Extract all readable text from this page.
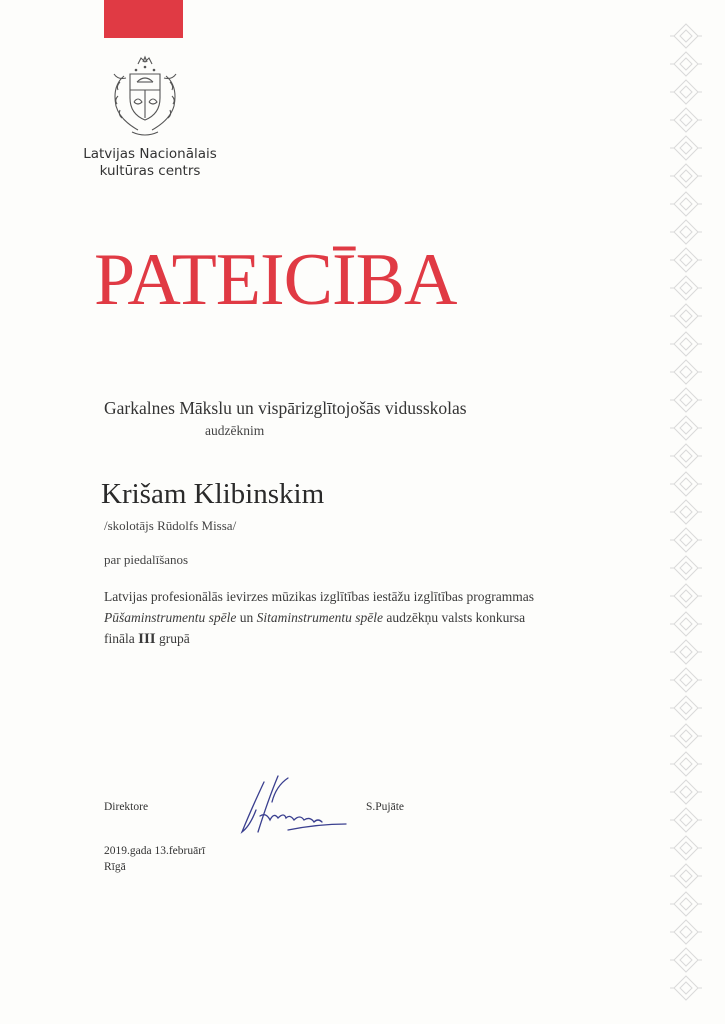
Latvijas Nacionālais
kultūras centrs
PATEICĪBA
Garkalnes Mākslu un vispārizglītojošās vidusskolas
audzēknim
Krišam Klibinskim
/skolotājs Rūdolfs Missa/
par piedalīšanos
Latvijas profesionālās ievirzes mūzikas izglītības iestāžu izglītības programmas
Pūšaminstrumentu spēle un Sitaminstrumentu spēle audzēkņu valsts konkursa
fināla III grupā
Direktore	S.Pujāte
2019.gada 13.februārī
Rīgā
